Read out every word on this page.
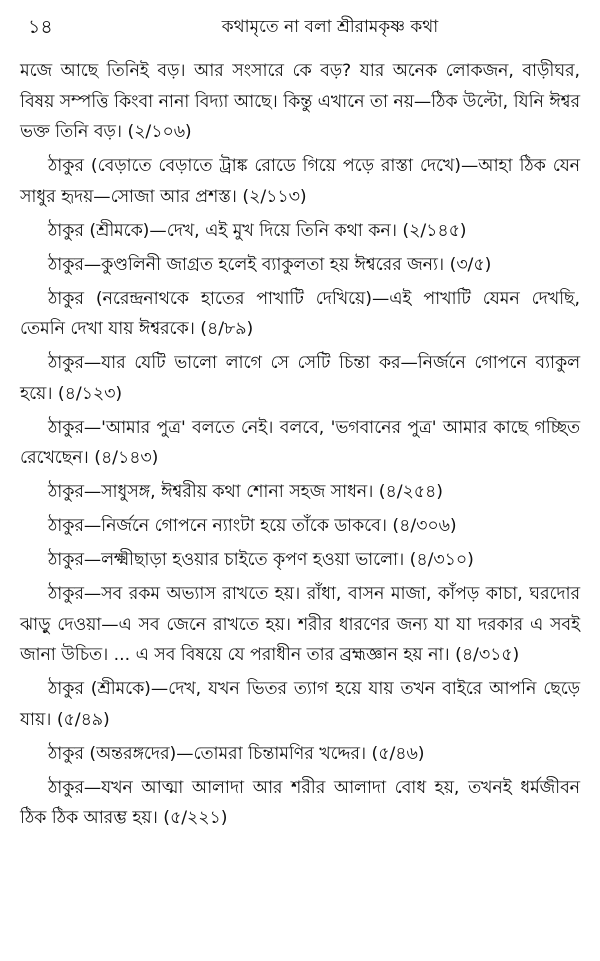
১৪	কথামৃতে না বলা শ্রীরামকৃষ্ণ কথা

মজে আছে তিনিই বড়। আর সংসারে কে বড়? যার অনেক লোকজন, বাড়ীঘর, বিষয় সম্পত্তি কিংবা নানা বিদ্যা আছে। কিন্তু এখানে তা নয়—ঠিক উল্টো, যিনি ঈশ্বর ভক্ত তিনি বড়। (২/১০৬)

ঠাকুর (বেড়াতে বেড়াতে ট্রাঙ্ক রোডে গিয়ে পড়ে রাস্তা দেখে)—আহা ঠিক যেন সাধুর হৃদয়—সোজা আর প্রশস্ত। (২/১১৩)

ঠাকুর (শ্রীমকে)—দেখ, এই মুখ দিয়ে তিনি কথা কন। (২/১৪৫)

ঠাকুর—কুণ্ডলিনী জাগ্রত হলেই ব্যাকুলতা হয় ঈশ্বরের জন্য। (৩/৫)

ঠাকুর (নরেন্দ্রনাথকে হাতের পাখাটি দেখিয়ে)—এই পাখাটি যেমন দেখছি, তেমনি দেখা যায় ঈশ্বরকে। (৪/৮৯)

ঠাকুর—যার যেটি ভালো লাগে সে সেটি চিন্তা কর—নির্জনে গোপনে ব্যাকুল হয়ে। (৪/১২৩)

ঠাকুর—'আমার পুত্র' বলতে নেই। বলবে, 'ভগবানের পুত্র' আমার কাছে গচ্ছিত রেখেছেন। (৪/১৪৩)

ঠাকুর—সাধুসঙ্গ, ঈশ্বরীয় কথা শোনা সহজ সাধন। (৪/২৫৪)

ঠাকুর—নির্জনে গোপনে ন্যাংটা হয়ে তাঁকে ডাকবে। (৪/৩০৬)

ঠাকুর—লক্ষ্মীছাড়া হওয়ার চাইতে কৃপণ হওয়া ভালো। (৪/৩১০)

ঠাকুর—সব রকম অভ্যাস রাখতে হয়। রাঁধা, বাসন মাজা, কাঁপড় কাচা, ঘরদোর ঝাড়ু দেওয়া—এ সব জেনে রাখতে হয়। শরীর ধারণের জন্য যা যা দরকার এ সবই জানা উচিত। ... এ সব বিষয়ে যে পরাধীন তার ব্রহ্মজ্ঞান হয় না। (৪/৩১৫)

ঠাকুর (শ্রীমকে)—দেখ, যখন ভিতর ত্যাগ হয়ে যায় তখন বাইরে আপনি ছেড়ে যায়। (৫/৪৯)

ঠাকুর (অন্তরঙ্গদের)—তোমরা চিন্তামণির খদ্দের। (৫/৪৬)

ঠাকুর—যখন আত্মা আলাদা আর শরীর আলাদা বোধ হয়, তখনই ধর্মজীবন ঠিক ঠিক আরম্ভ হয়। (৫/২২১)
